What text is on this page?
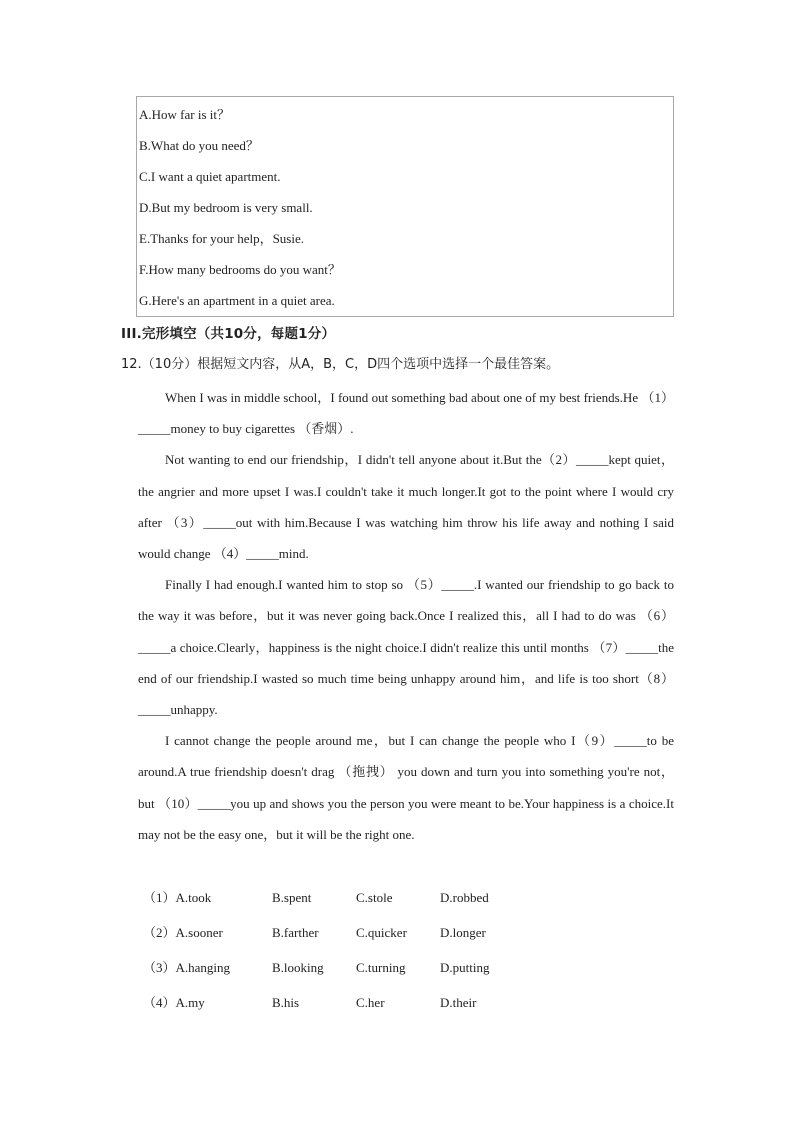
A.How far is it？
B.What do you need？
C.I want a quiet apartment.
D.But my bedroom is very small.
E.Thanks for your help，Susie.
F.How many bedrooms do you want？
G.Here's an apartment in a quiet area.
III.完形填空（共10分，每题1分）
12.（10分）根据短文内容，从A，B，C，D四个选项中选择一个最佳答案。

When I was in middle school，I found out something bad about one of my best friends.He （1）_____money to buy cigarettes （香烟）.

Not wanting to end our friendship，I didn't tell anyone about it.But the（2）_____kept quiet，the angrier and more upset I was.I couldn't take it much longer.It got to the point where I would cry after （3）_____out with him.Because I was watching him throw his life away and nothing I said would change （4）_____mind.

Finally I had enough.I wanted him to stop so （5）_____.I wanted our friendship to go back to the way it was before，but it was never going back.Once I realized this，all I had to do was （6）_____a choice.Clearly，happiness is the night choice.I didn't realize this until months （7）_____the end of our friendship.I wasted so much time being unhappy around him，and life is too short（8）_____unhappy.

I cannot change the people around me，but I can change the people who I（9）_____to be around.A true friendship doesn't drag （拖拽） you down and turn you into something you're not，but （10）_____you up and shows you the person you were meant to be.Your happiness is a choice.It may not be the easy one，but it will be the right one.

（1）A.took	B.spent	C.stole	D.robbed
（2）A.sooner	B.farther	C.quicker	D.longer
（3）A.hanging	B.looking C.turning	D.putting
（4）A.my	B.his	C.her	D.their
